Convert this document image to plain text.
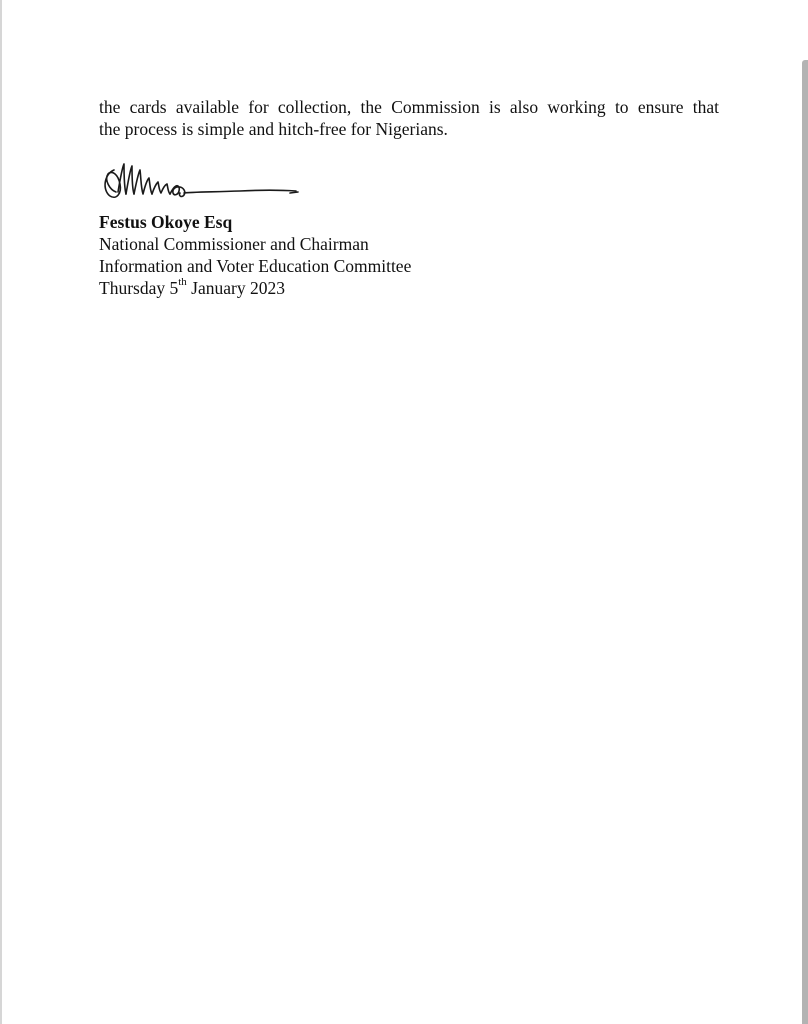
the cards available for collection, the Commission is also working to ensure that
the process is simple and hitch-free for Nigerians.

Festus Okoye Esq
National Commissioner and Chairman
Information and Voter Education Committee
Thursday 5th January 2023
